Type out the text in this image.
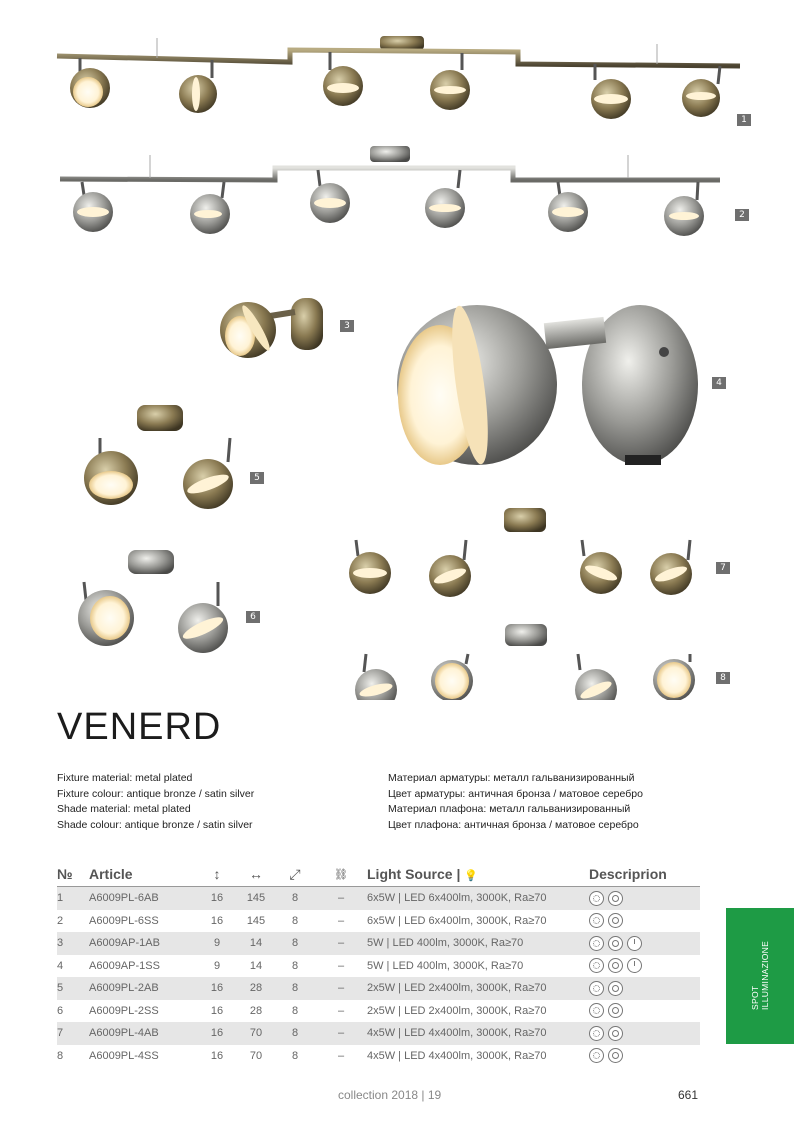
1
2
3
4
5
6
7
8
VENERD
Fixture material: metal plated
Fixture colour: antique bronze / satin silver
Shade material: metal plated
Shade colour: antique bronze / satin silver
Материал арматуры: металл гальванизированный
Цвет арматуры: античная бронза / матовое серебро
Материал плафона: металл гальванизированный
Цвет плафона: античная бронза / матовое серебро
№	Article	↕	↔	⤢	⛓	Light Source | 💡	Descriprion
1	A6009PL-6AB	16	145	8	–	6x5W | LED 6x400lm, 3000K, Ra≥70	
2	A6009PL-6SS	16	145	8	–	6x5W | LED 6x400lm, 3000K, Ra≥70	
3	A6009AP-1AB	9	14	8	–	5W | LED 400lm, 3000K, Ra≥70	
4	A6009AP-1SS	9	14	8	–	5W | LED 400lm, 3000K, Ra≥70	
5	A6009PL-2AB	16	28	8	–	2x5W | LED 2x400lm, 3000K, Ra≥70	
6	A6009PL-2SS	16	28	8	–	2x5W | LED 2x400lm, 3000K, Ra≥70	
7	A6009PL-4AB	16	70	8	–	4x5W | LED 4x400lm, 3000K, Ra≥70	
8	A6009PL-4SS	16	70	8	–	4x5W | LED 4x400lm, 3000K, Ra≥70	
SPOT ILLUMINAZIONE
collection 2018 | 19	661
